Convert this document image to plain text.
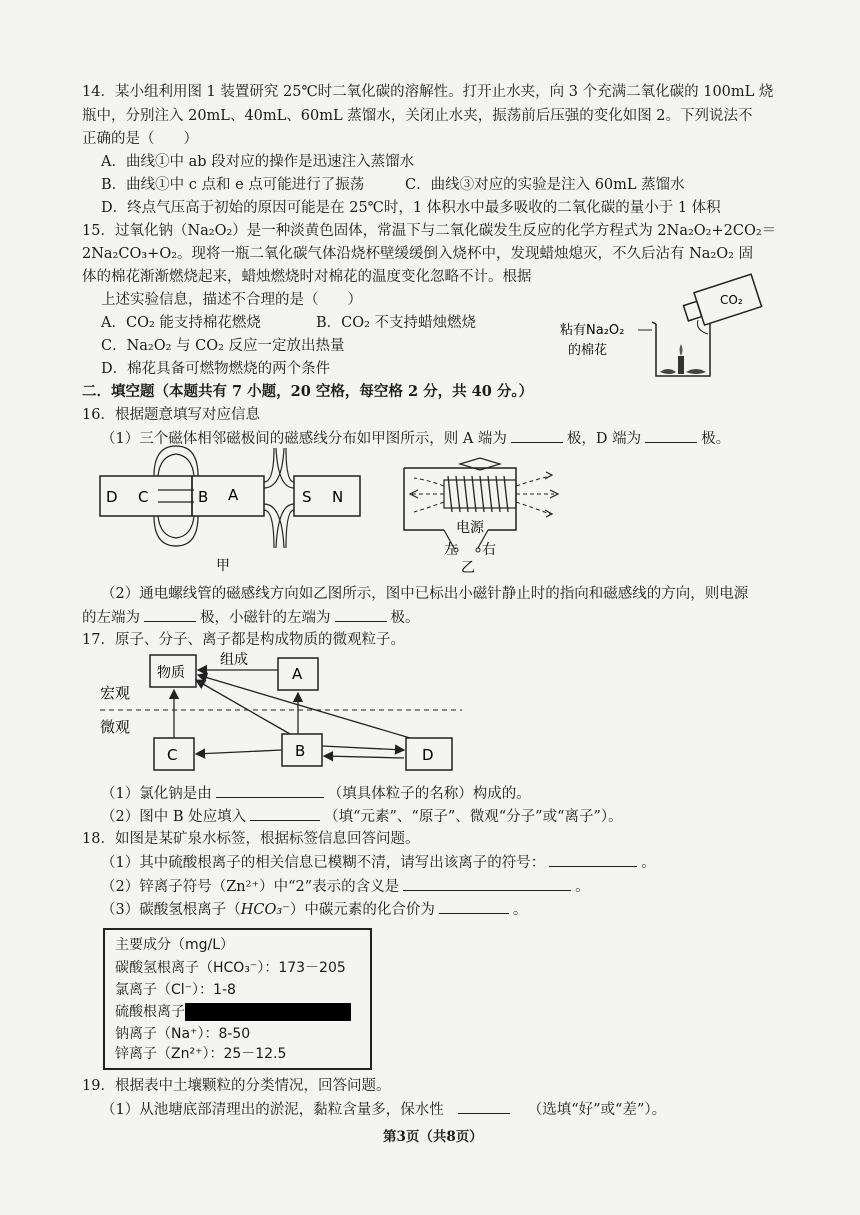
14．某小组利用图 1 装置研究 25℃时二氧化碳的溶解性。打开止水夹，向 3 个充满二氧化碳的 100mL 烧
瓶中，分别注入 20mL、40mL、60mL 蒸馏水，关闭止水夹，振荡前后压强的变化如图 2。下列说法不
正确的是（　　）
A．曲线①中 ab 段对应的操作是迅速注入蒸馏水
B．曲线①中 c 点和 e 点可能进行了振荡	C．曲线③对应的实验是注入 60mL 蒸馏水
D．终点气压高于初始的原因可能是在 25℃时，1 体积水中最多吸收的二氧化碳的量小于 1 体积
15．过氧化钠（Na₂O₂）是一种淡黄色固体，常温下与二氧化碳发生反应的化学方程式为 2Na₂O₂+2CO₂＝
2Na₂CO₃+O₂。现将一瓶二氧化碳气体沿烧杯壁缓缓倒入烧杯中，发现蜡烛熄灭，不久后沾有 Na₂O₂ 固
体的棉花渐渐燃烧起来，蜡烛燃烧时对棉花的温度变化忽略不计。根据
上述实验信息，描述不合理的是（　　）
A．CO₂ 能支持棉花燃烧	B．CO₂ 不支持蜡烛燃烧
C．Na₂O₂ 与 CO₂ 反应一定放出热量
D．棉花具备可燃物燃烧的两个条件
CO₂
粘有Na₂O₂
的棉花
二．填空题（本题共有 7 小题，20 空格，每空格 2 分，共 40 分。）
16．根据题意填写对应信息
（1）三个磁体相邻磁极间的磁感线分布如甲图所示，则 A 端为	极，D 端为	极。
D C	B A	S N
甲
电源
左 右
乙
（2）通电螺线管的磁感线方向如乙图所示，图中已标出小磁针静止时的指向和磁感线的方向，则电源
的左端为	极，小磁针的左端为	极。
17．原子、分子、离子都是构成物质的微观粒子。
物质	A
组成
宏观
微观
C	B	D
（1）氯化钠是由	（填具体粒子的名称）构成的。
（2）图中 B 处应填入	（填“元素”、“原子”、微观“分子”或“离子”）。
18．如图是某矿泉水标签，根据标签信息回答问题。
（1）其中硫酸根离子的相关信息已模糊不清，请写出该离子的符号：	。
（2）锌离子符号（Zn²⁺）中“2”表示的含义是	。
（3）碳酸氢根离子（HCO₃⁻）中碳元素的化合价为	。
主要成分（mg/L）
碳酸氢根离子（HCO₃⁻）：173－205
氯离子（Cl⁻）：1-8
硫酸根离子
钠离子（Na⁺）：8-50
锌离子（Zn²⁺）：25－12.5
19．根据表中土壤颗粒的分类情况，回答问题。
（1）从池塘底部清理出的淤泥，黏粒含量多，保水性	（选填“好”或“差”）。
第3页（共8页）
